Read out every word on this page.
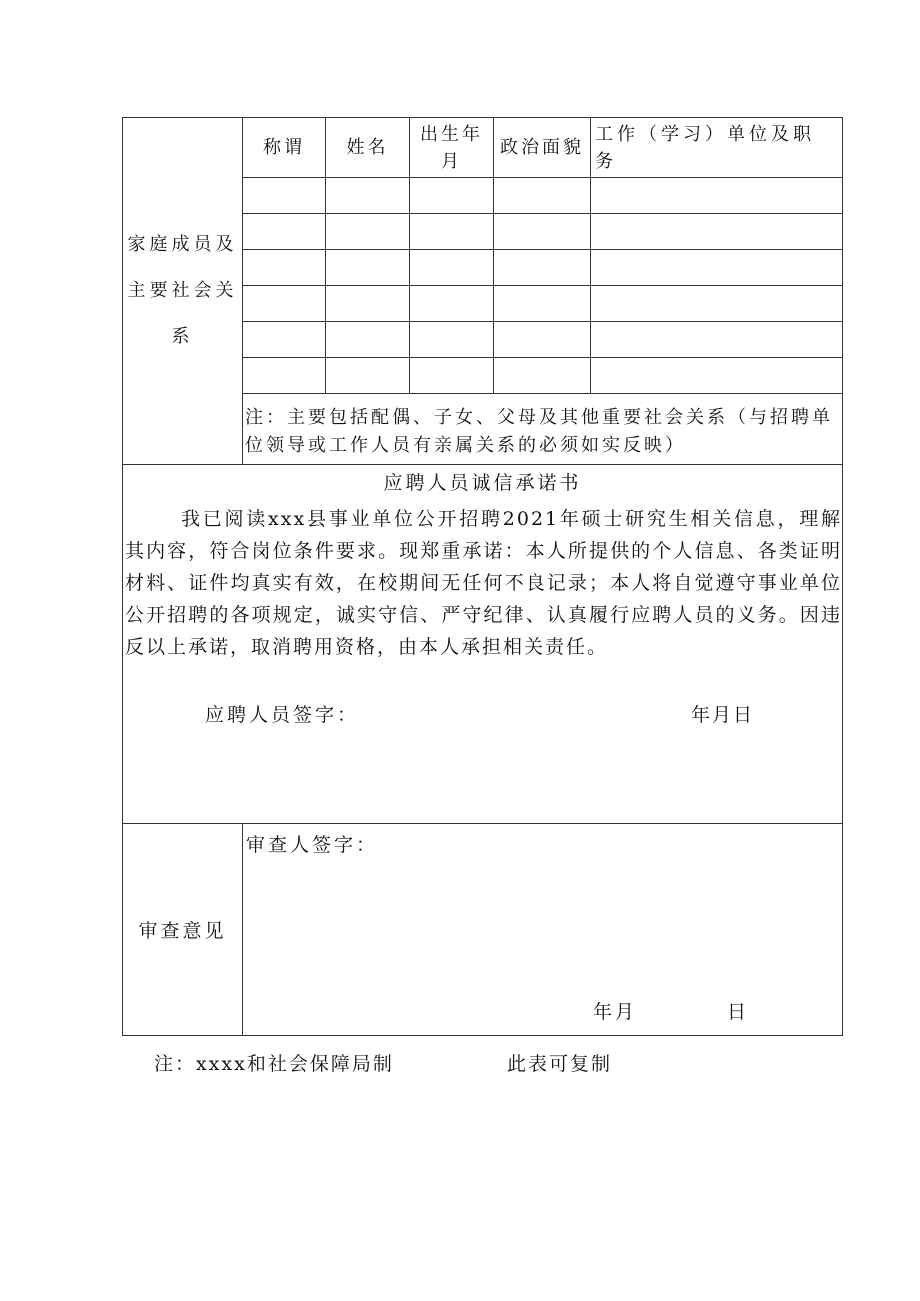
家庭成员及主要社会关系	称谓	姓名	出生年月	政治面貌	工作（学习）单位及职务

	注：主要包括配偶、子女、父母及其他重要社会关系（与招聘单位领导或工作人员有亲属关系的必须如实反映）				

应聘人员诚信承诺书
我已阅读xxx县事业单位公开招聘2021年硕士研究生相关信息，理解其内容，符合岗位条件要求。现郑重承诺：本人所提供的个人信息、各类证明材料、证件均真实有效，在校期间无任何不良记录；本人将自觉遵守事业单位公开招聘的各项规定，诚实守信、严守纪律、认真履行应聘人员的义务。因违反以上承诺，取消聘用资格，由本人承担相关责任。
应聘人员签字： 年月日					

审查意见	审查人签字：
年月 日				
注：xxxx和社会保障局制	此表可复制
